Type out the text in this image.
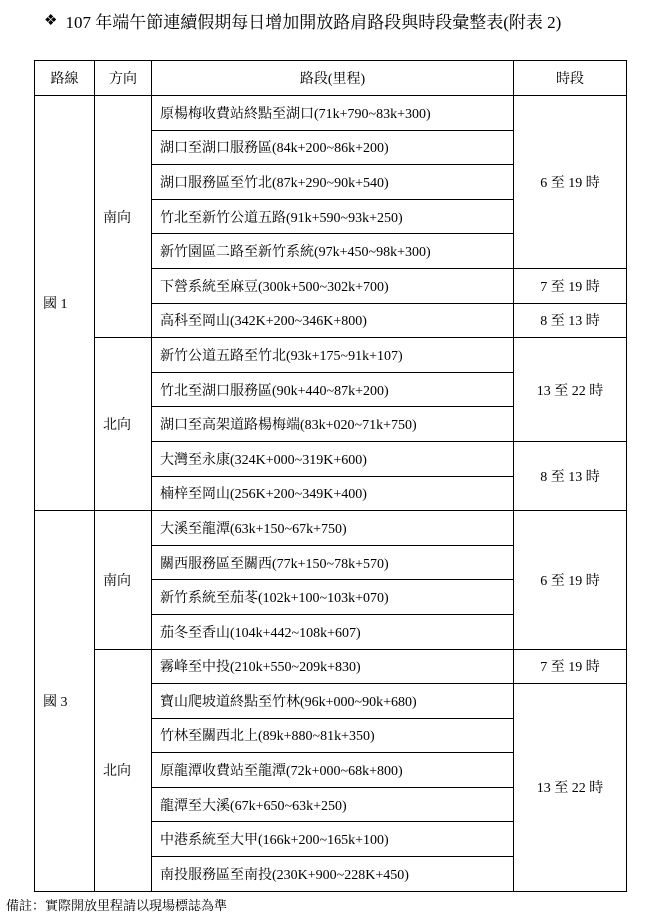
❖ 107 年端午節連續假期每日增加開放路肩路段與時段彙整表(附表 2)
路線	方向	路段(里程)	時段
國 1	南向	原楊梅收費站終點至湖口(71k+790~83k+300)	6 至 19 時
		湖口至湖口服務區(84k+200~86k+200)	
		湖口服務區至竹北(87k+290~90k+540)	
		竹北至新竹公道五路(91k+590~93k+250)	
		新竹園區二路至新竹系統(97k+450~98k+300)	
		下營系統至麻豆(300k+500~302k+700)	7 至 19 時
		高科至岡山(342K+200~346K+800)	8 至 13 時
	北向	新竹公道五路至竹北(93k+175~91k+107)	13 至 22 時
		竹北至湖口服務區(90k+440~87k+200)	
		湖口至高架道路楊梅端(83k+020~71k+750)	
		大灣至永康(324K+000~319K+600)	8 至 13 時
		楠梓至岡山(256K+200~349K+400)	
國 3	南向	大溪至龍潭(63k+150~67k+750)	6 至 19 時
		關西服務區至關西(77k+150~78k+570)	
		新竹系統至茄苳(102k+100~103k+070)	
		茄冬至香山(104k+442~108k+607)	
	北向	霧峰至中投(210k+550~209k+830)	7 至 19 時
		寶山爬坡道終點至竹林(96k+000~90k+680)	13 至 22 時
		竹林至關西北上(89k+880~81k+350)	
		原龍潭收費站至龍潭(72k+000~68k+800)	
		龍潭至大溪(67k+650~63k+250)	
		中港系統至大甲(166k+200~165k+100)	
		南投服務區至南投(230K+900~228K+450)	
備註：實際開放里程請以現場標誌為準
